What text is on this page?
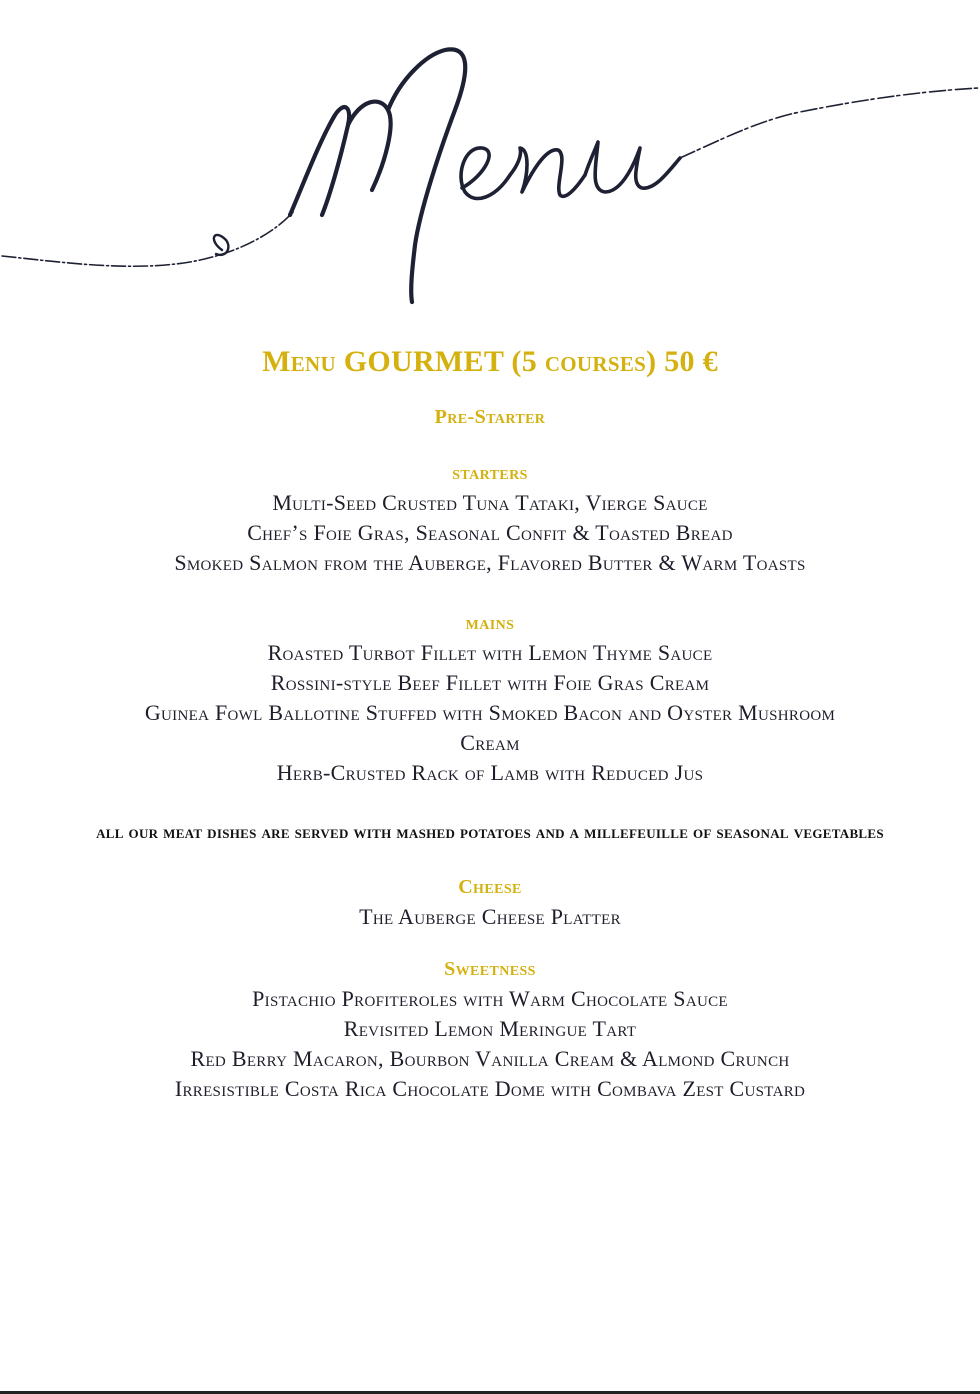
Menu GOURMET (5 courses) 50 €
Pre-Starter
starters

Multi-Seed Crusted Tuna Tataki, Vierge Sauce

Chef’s Foie Gras, Seasonal Confit & Toasted Bread

Smoked Salmon from the Auberge, Flavored Butter & Warm Toasts

mains

Roasted Turbot Fillet with Lemon Thyme Sauce

Rossini-style Beef Fillet with Foie Gras Cream

Guinea Fowl Ballotine Stuffed with Smoked Bacon and Oyster Mushroom

Cream

Herb-Crusted Rack of Lamb with Reduced Jus

all our meat dishes are served with mashed potatoes and a millefeuille of seasonal vegetables

Cheese

The Auberge Cheese Platter

Sweetness

Pistachio Profiteroles with Warm Chocolate Sauce

Revisited Lemon Meringue Tart

Red Berry Macaron, Bourbon Vanilla Cream & Almond Crunch

Irresistible Costa Rica Chocolate Dome with Combava Zest Custard
